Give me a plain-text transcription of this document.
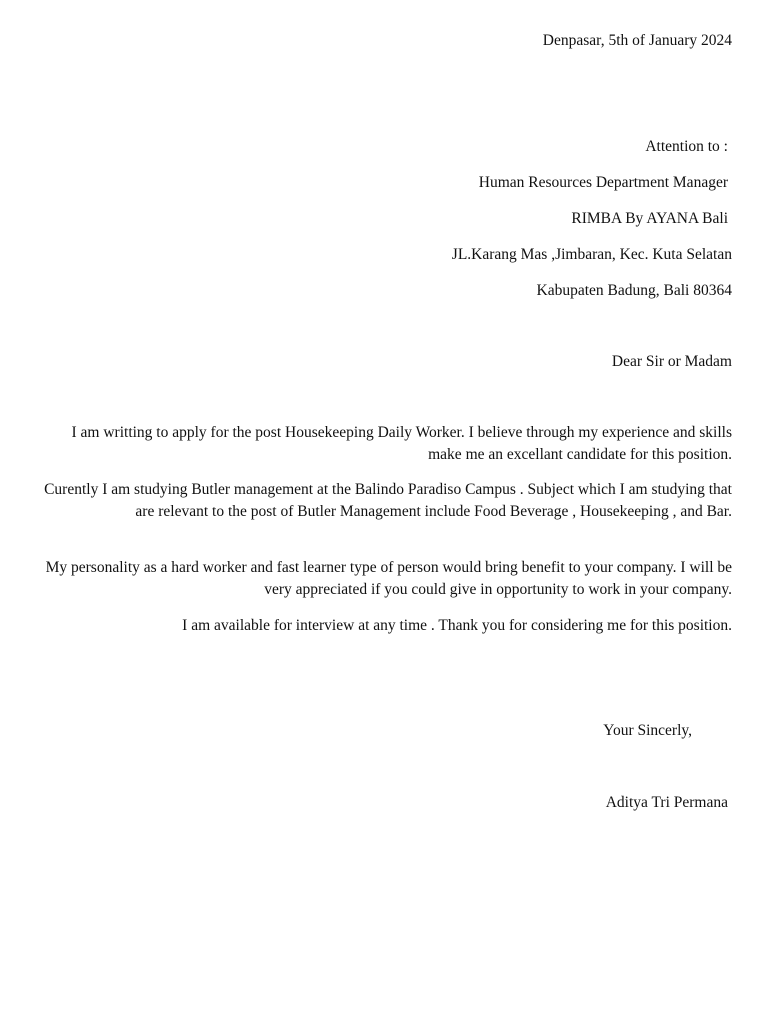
Denpasar, 5th of January 2024
Attention to :
Human Resources Department Manager
RIMBA By AYANA Bali
JL.Karang Mas ,Jimbaran, Kec. Kuta Selatan
Kabupaten Badung, Bali 80364
Dear Sir or Madam
I am writting to apply for the post Housekeeping Daily Worker. I believe through my experience and skills make me an excellant candidate for this position.
Curently I am studying Butler management at the Balindo Paradiso Campus . Subject which I am studying that are relevant to the post of Butler Management include Food Beverage , Housekeeping , and Bar.
My personality as a hard worker and fast learner type of person would bring benefit to your company. I will be very appreciated if you could give in opportunity to work in your company.
I am available for interview at any time . Thank you for considering me for this position.
Your Sincerly,
Aditya Tri Permana
